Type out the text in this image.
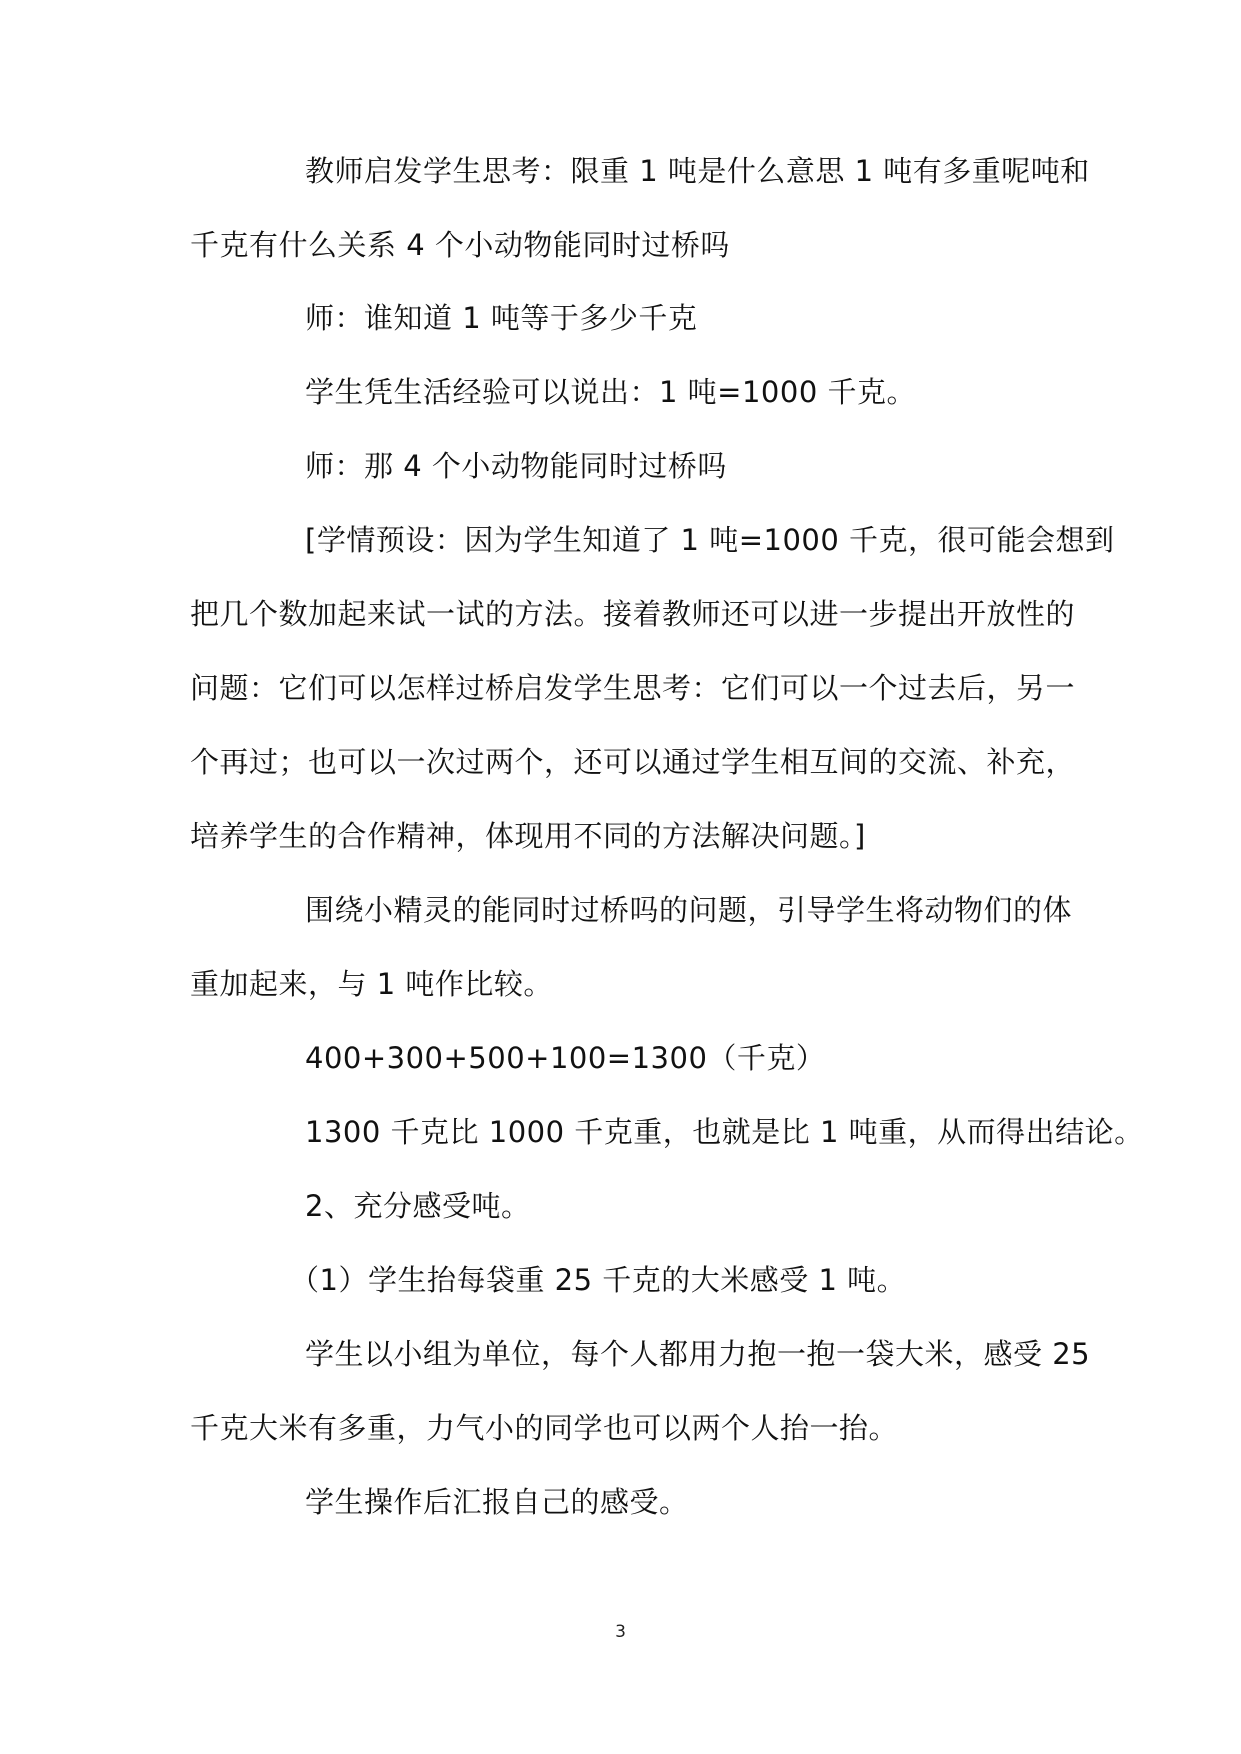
教师启发学生思考：限重 1 吨是什么意思 1 吨有多重呢吨和
千克有什么关系 4 个小动物能同时过桥吗
师：谁知道 1 吨等于多少千克
学生凭生活经验可以说出：1 吨=1000 千克。
师：那 4 个小动物能同时过桥吗
[学情预设：因为学生知道了 1 吨=1000 千克，很可能会想到
把几个数加起来试一试的方法。接着教师还可以进一步提出开放性的
问题：它们可以怎样过桥启发学生思考：它们可以一个过去后，另一
个再过；也可以一次过两个，还可以通过学生相互间的交流、补充，
培养学生的合作精神，体现用不同的方法解决问题。]
围绕小精灵的能同时过桥吗的问题，引导学生将动物们的体
重加起来，与 1 吨作比较。
400+300+500+100=1300（千克）
1300 千克比 1000 千克重，也就是比 1 吨重，从而得出结论。
2、充分感受吨。
（1）学生抬每袋重 25 千克的大米感受 1 吨。
学生以小组为单位，每个人都用力抱一抱一袋大米，感受 25
千克大米有多重，力气小的同学也可以两个人抬一抬。
学生操作后汇报自己的感受。
3
